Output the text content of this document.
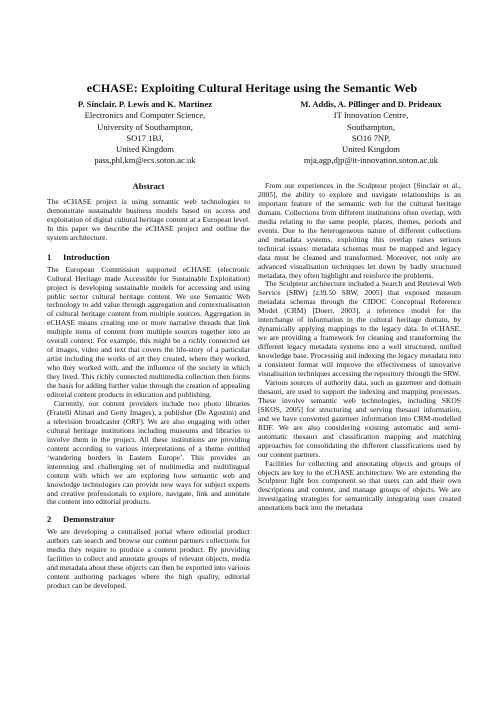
eCHASE: Exploiting Cultural Heritage using the Semantic Web
P. Sinclair, P. Lewis and K. Martinez
Electronics and Computer Science,
University of Southampton,
SO17 1BJ,
United Kingdom
pass,phl,km@ecs.soton.ac.uk
M. Addis, A. Pillinger and D. Prideaux
IT Innovation Centre,
Southampton,
SO16 7NP,
United Kingdom
mja,agp,djp@it-innovation.soton.ac.uk
Abstract

The eCHASE project is using semantic web technologies to demonstrate sustainable business models based on access and exploitation of digital cultural heritage content at a European level. In this paper we describe the eCHASE project and outline the system architecture.

1 Introduction

The European Commission supported eCHASE (electronic Cultural Heritage made Accessible for Sustainable Exploitation) project is developing sustainable models for accessing and using public sector cultural heritage content. We use Semantic Web technology to add value through aggregation and contextualisation of cultural heritage content from multiple sources. Aggregation in eCHASE means creating one or more narrative threads that link multiple items of content from multiple sources together into an overall context. For example, this might be a richly connected set of images, video and text that covers the life-story of a particular artist including the works of art they created, where they worked, who they worked with, and the influence of the society in which they lived. This richly connected multimedia collection then forms the basis for adding further value through the creation of appealing editorial content products in education and publishing.

Currently, our content providers include two photo libraries (Fratelli Alinari and Getty Images), a publisher (De Agostini) and a television broadcaster (ORF). We are also engaging with other cultural heritage institutions including museums and libraries to involve them in the project. All these institutions are providing content according to various interpretations of a theme entitled ‘wandering borders in Eastern Europe’. This provides an interesting and challenging set of multimedia and multilingual content with which we are exploring how semantic web and knowledge technologies can provide new ways for subject experts and creative professionals to explore, navigate, link and annotate the content into editorial products.

2 Demonstrator

We are developing a centralised portal where editorial product authors can search and browse our content partners collections for media they require to produce a content product. By providing facilities to collect and annotate groups of relevant objects, media and metadata about these objects can then be exported into various content authoring packages where the high quality, editorial product can be developed.

From our experiences in the Sculpteur project [Sinclair et al., 2005], the ability to explore and navigate relationships is an important feature of the semantic web for the cultural heritage domain. Collections from different institutions often overlap, with media relating to the same people, places, themes, periods and events. Due to the heterogeneous nature of different collections and metadata systems, exploiting this overlap raises serious technical issues: metadata schemas must be mapped and legacy data must be cleaned and transformed. Moreover, not only are advanced visualisation techniques let down by badly structured metadata, they often highlight and reinforce the problems.

The Sculpteur architecture included a Search and Retrieval Web Service (SRW) [z39.50 SRW, 2005] that exposed museum metadata schemas through the CIDOC Conceptual Reference Model (CRM) [Doerr, 2003], a reference model for the interchange of information in the cultural heritage domain, by dynamically applying mappings to the legacy data. In eCHASE, we are providing a framework for cleaning and transforming the different legacy metadata systems into a well structured, unified knowledge base. Processing and indexing the legacy metadata into a consistent format will improve the effectiveness of innovative visualisation techniques accessing the repository through the SRW.

Various sources of authority data, such as gazetteer and domain thesauri, are used to support the indexing and mapping processes. These involve semantic web technologies, including SKOS [SKOS, 2005] for structuring and serving thesauri information, and we have converted gazetteer information into CRM-modelled RDF. We are also considering existing automatic and semi-automatic thesauri and classification mapping and matching approaches for consolidating the different classifications used by our content partners.

Facilities for collecting and annotating objects and groups of objects are key to the eCHASE architecture. We are extending the Sculpteur light box component so that users can add their own descriptions and content, and manage groups of objects. We are investigating strategies for semantically integrating user created annotations back into the metadata
